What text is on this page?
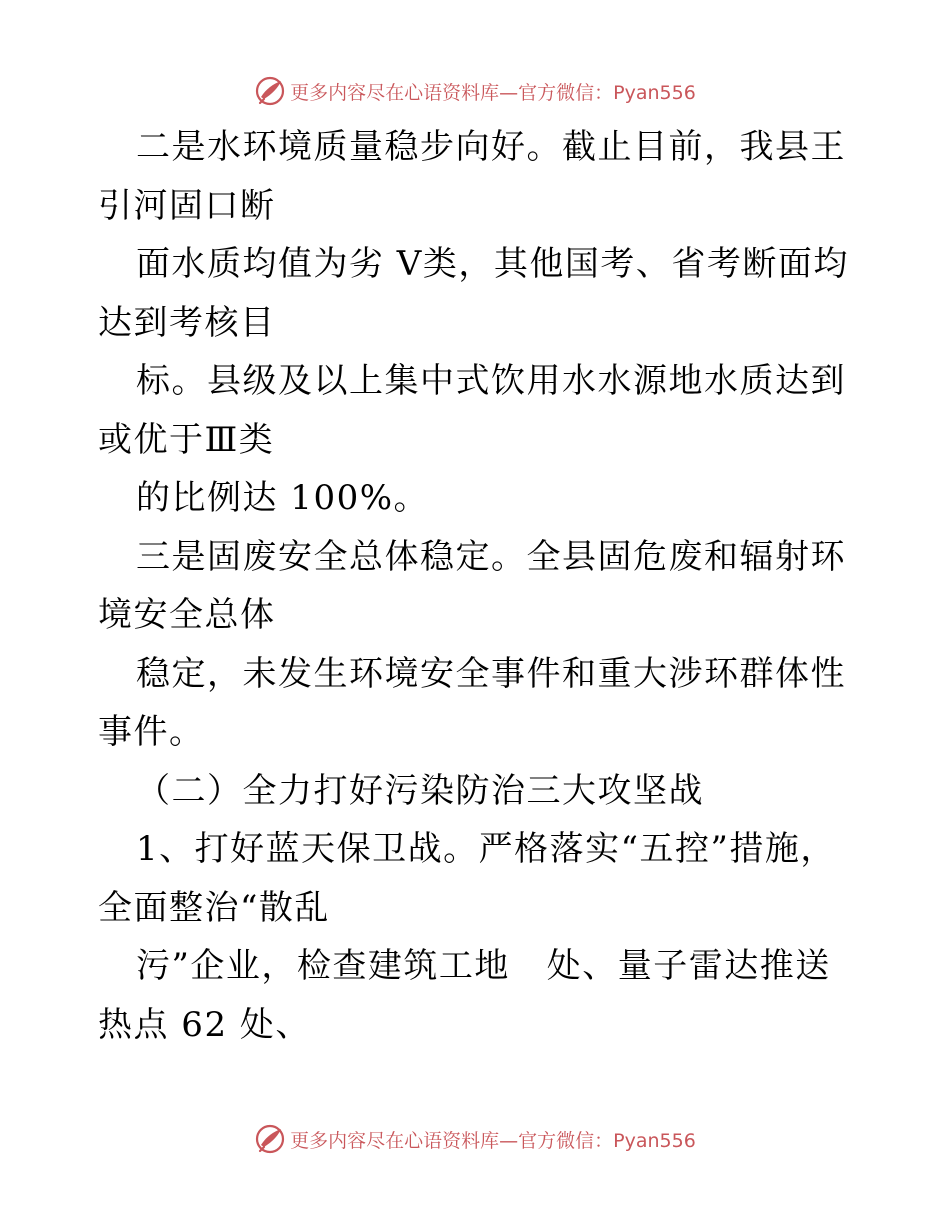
更多内容尽在心语资料库—官方微信：Pyan556

二是水环境质量稳步向好。截止目前，我县王引河固口断

面水质均值为劣 V类，其他国考、省考断面均达到考核目

标。县级及以上集中式饮用水水源地水质达到或优于Ⅲ类

的比例达 100%。

三是固废安全总体稳定。全县固危废和辐射环境安全总体

稳定，未发生环境安全事件和重大涉环群体性事件。

（二）全力打好污染防治三大攻坚战

1、打好蓝天保卫战。严格落实“五控”措施，全面整治“散乱

污”企业，检查建筑工地   处、量子雷达推送热点 62 处、

更多内容尽在心语资料库—官方微信：Pyan556
